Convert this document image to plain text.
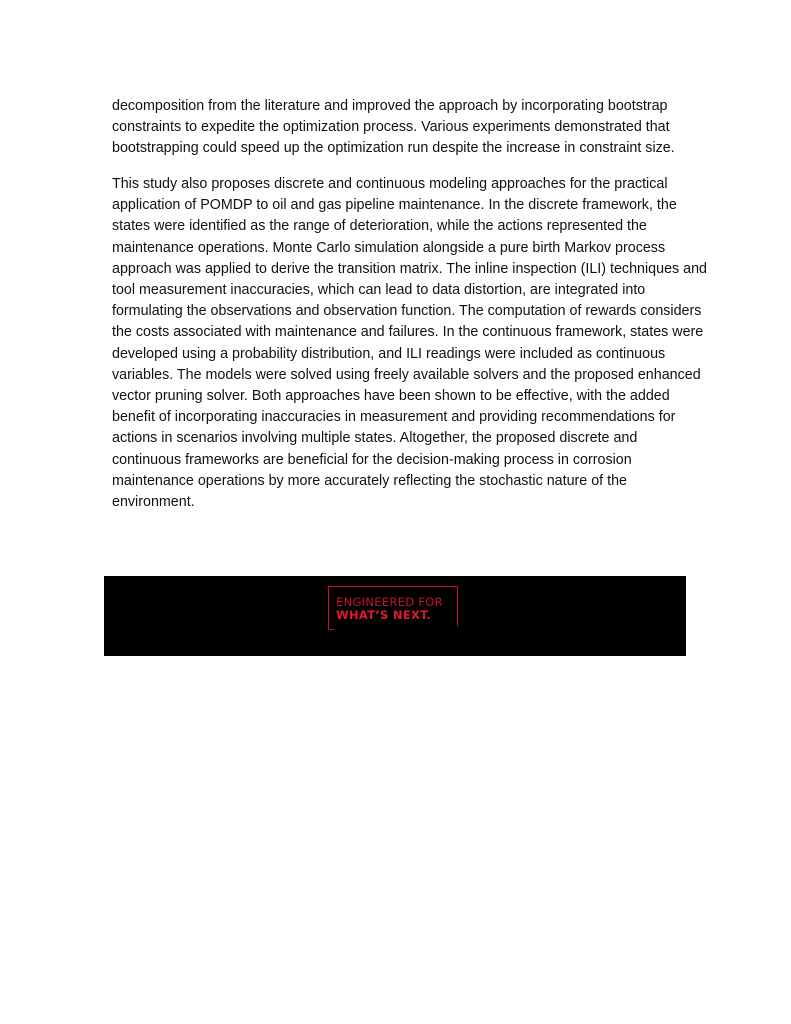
decomposition from the literature and improved the approach by incorporating bootstrap
constraints to expedite the optimization process. Various experiments demonstrated that
bootstrapping could speed up the optimization run despite the increase in constraint size.

This study also proposes discrete and continuous modeling approaches for the practical
application of POMDP to oil and gas pipeline maintenance. In the discrete framework, the
states were identified as the range of deterioration, while the actions represented the
maintenance operations. Monte Carlo simulation alongside a pure birth Markov process
approach was applied to derive the transition matrix. The inline inspection (ILI) techniques and
tool measurement inaccuracies, which can lead to data distortion, are integrated into
formulating the observations and observation function. The computation of rewards considers
the costs associated with maintenance and failures. In the continuous framework, states were
developed using a probability distribution, and ILI readings were included as continuous
variables. The models were solved using freely available solvers and the proposed enhanced
vector pruning solver. Both approaches have been shown to be effective, with the added
benefit of incorporating inaccuracies in measurement and providing recommendations for
actions in scenarios involving multiple states. Altogether, the proposed discrete and
continuous frameworks are beneficial for the decision-making process in corrosion
maintenance operations by more accurately reflecting the stochastic nature of the
environment.

ENGINEERED FOR
WHAT’S NEXT.
